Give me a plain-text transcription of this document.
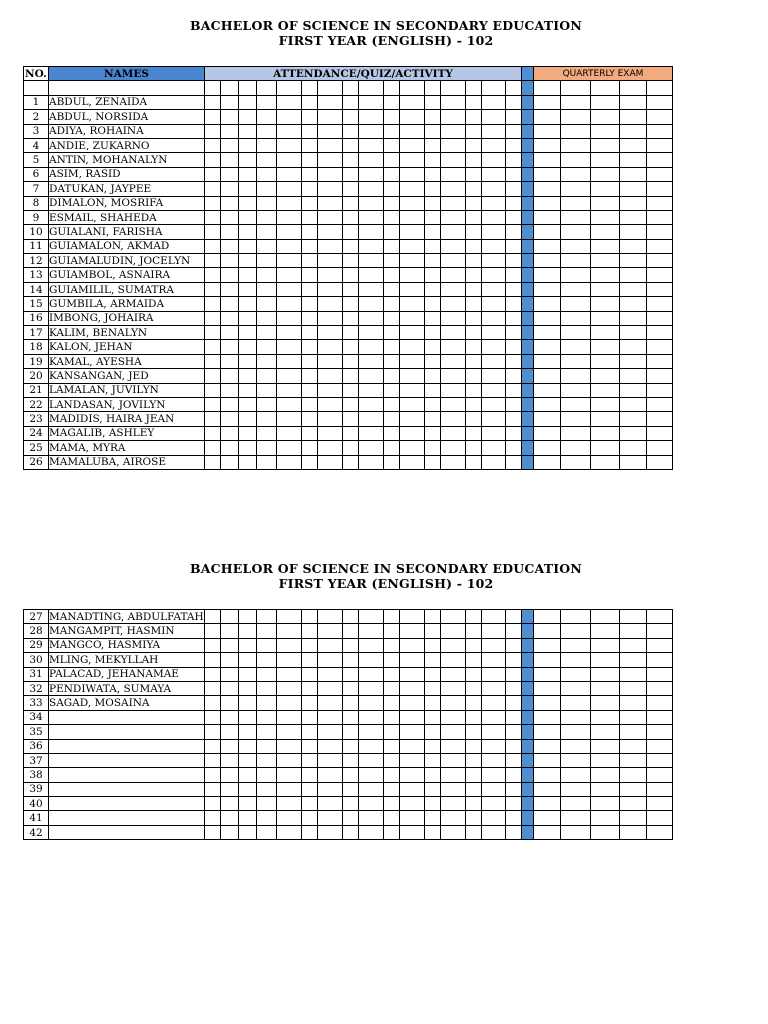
BACHELOR OF SCIENCE IN SECONDARY EDUCATION
FIRST YEAR (ENGLISH) - 102
NO.	NAMES	ATTENDANCE/QUIZ/ACTIVITY																	QUARTERLY EXAM				

1	ABDUL, ZENAIDA																						
2	ABDUL, NORSIDA																						
3	ADIYA, ROHAINA																						
4	ANDIE, ZUKARNO																						
5	ANTIN, MOHANALYN																						
6	ASIM, RASID																						
7	DATUKAN, JAYPEE																						
8	DIMALON, MOSRIFA																						
9	ESMAIL, SHAHEDA																						
10	GUIALANI, FARISHA																						
11	GUIAMALON, AKMAD																						
12	GUIAMALUDIN, JOCELYN																						
13	GUIAMBOL, ASNAIRA																						
14	GUIAMILIL, SUMATRA																						
15	GUMBILA, ARMAIDA																						
16	IMBONG, JOHAIRA																						
17	KALIM, BENALYN																						
18	KALON, JEHAN																						
19	KAMAL, AYESHA																						
20	KANSANGAN, JED																						
21	LAMALAN, JUVILYN																						
22	LANDASAN, JOVILYN																						
23	MADIDIS, HAIRA JEAN																						
24	MAGALIB, ASHLEY																						
25	MAMA, MYRA																						
26	MAMALUBA, AIROSE																						
BACHELOR OF SCIENCE IN SECONDARY EDUCATION
FIRST YEAR (ENGLISH) - 102
27	MANADTING, ABDULFATAH																						
28	MANGAMPIT, HASMIN																						
29	MANGCO, HASMIYA																						
30	MLING, MEKYLLAH																						
31	PALACAD, JEHANAMAE																						
32	PENDIWATA, SUMAYA																						
33	SAGAD, MOSAINA																						
34																							
35																							
36																							
37																							
38																							
39																							
40																							
41																							
42																							
